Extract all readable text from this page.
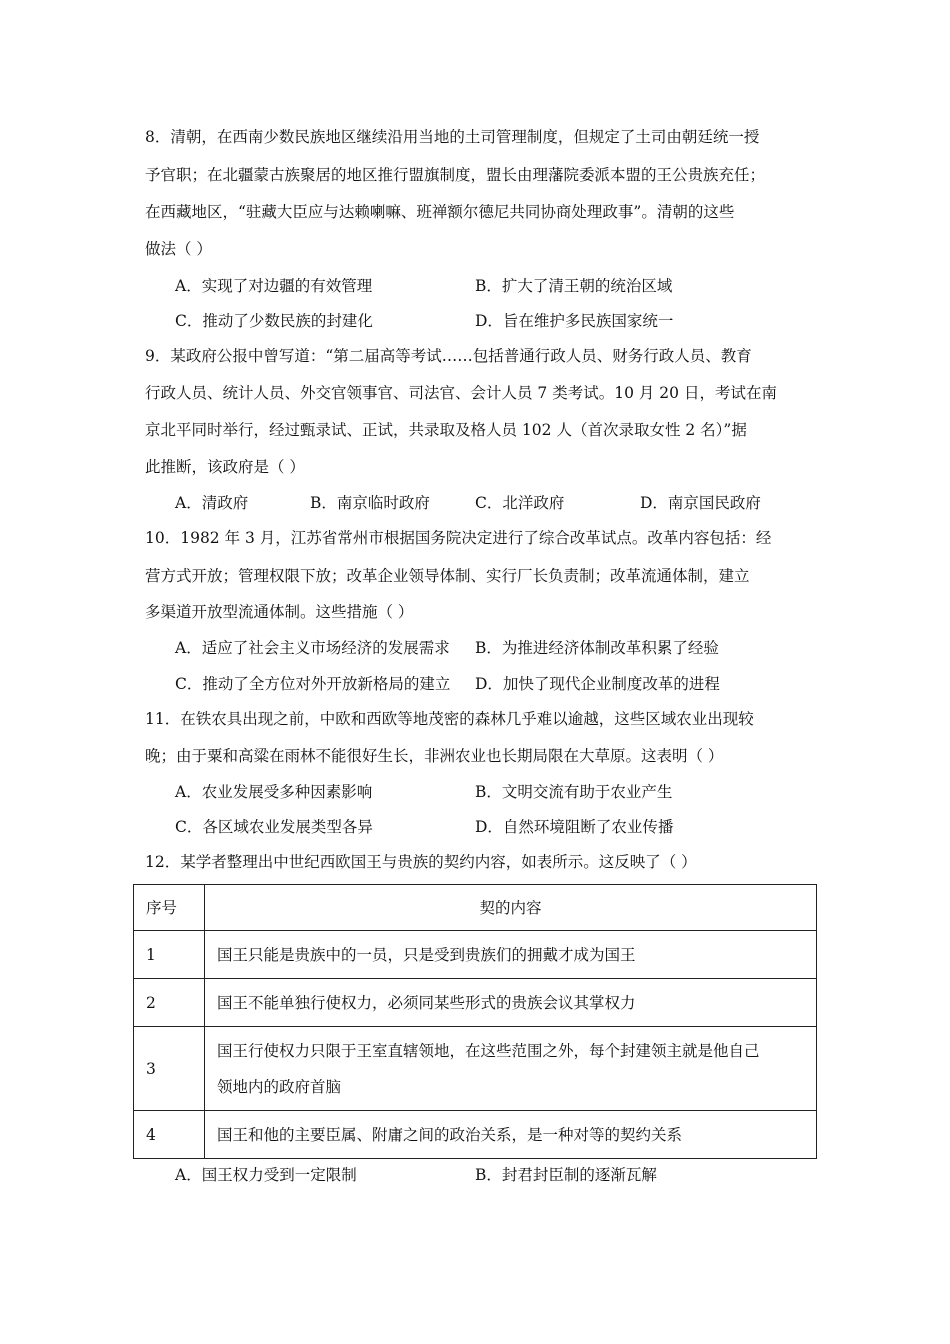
8．清朝，在西南少数民族地区继续沿用当地的土司管理制度，但规定了土司由朝廷统一授
予官职；在北疆蒙古族聚居的地区推行盟旗制度，盟长由理藩院委派本盟的王公贵族充任；
在西藏地区，“驻藏大臣应与达赖喇嘛、班禅额尔德尼共同协商处理政事”。清朝的这些
做法（ ）
A．实现了对边疆的有效管理	B．扩大了清王朝的统治区域
C．推动了少数民族的封建化	D．旨在维护多民族国家统一
9．某政府公报中曾写道：“第二届高等考试……包括普通行政人员、财务行政人员、教育
行政人员、统计人员、外交官领事官、司法官、会计人员 7 类考试。10 月 20 日，考试在南
京北平同时举行，经过甄录试、正试，共录取及格人员 102 人（首次录取女性 2 名）”据
此推断，该政府是（ ）
A．清政府	B．南京临时政府	C．北洋政府	D．南京国民政府
10．1982 年 3 月，江苏省常州市根据国务院决定进行了综合改革试点。改革内容包括：经
营方式开放；管理权限下放；改革企业领导体制、实行厂长负责制；改革流通体制，建立
多渠道开放型流通体制。这些措施（ ）
A．适应了社会主义市场经济的发展需求 B．为推进经济体制改革积累了经验
C．推动了全方位对外开放新格局的建立 D．加快了现代企业制度改革的进程
11．在铁农具出现之前，中欧和西欧等地茂密的森林几乎难以逾越，这些区域农业出现较
晚；由于粟和高粱在雨林不能很好生长，非洲农业也长期局限在大草原。这表明（ ）
A．农业发展受多种因素影响	B．文明交流有助于农业产生
C．各区域农业发展类型各异	D．自然环境阻断了农业传播
12．某学者整理出中世纪西欧国王与贵族的契约内容，如表所示。这反映了（ ）
序号	契的内容
1	国王只能是贵族中的一员，只是受到贵族们的拥戴才成为国王
2	国王不能单独行使权力，必须同某些形式的贵族会议其掌权力
3	国王行使权力只限于王室直辖领地，在这些范围之外，每个封建领主就是他自己
领地内的政府首脑

4	国王和他的主要臣属、附庸之间的政治关系，是一种对等的契约关系
A．国王权力受到一定限制	B．封君封臣制的逐渐瓦解
